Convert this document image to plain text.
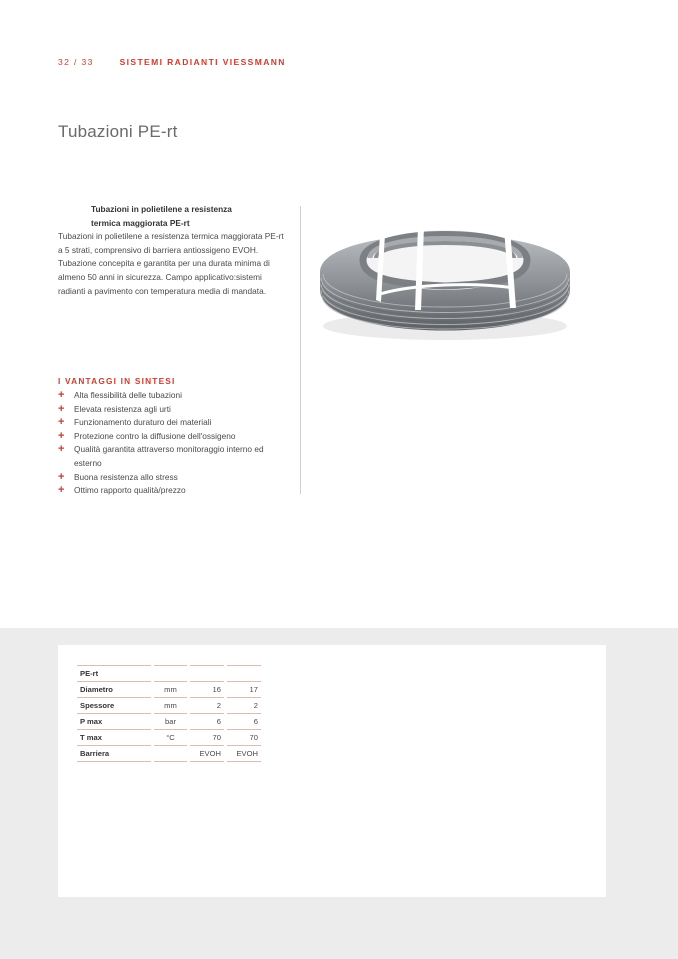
32 / 33	SISTEMI RADIANTI VIESSMANN
Tubazioni PE-rt
Tubazioni in polietilene a resistenza
termica maggiorata PE-rt
Tubazioni in polietilene a resistenza termica maggiorata PE-rt a 5 strati, comprensivo di barriera antiossigeno EVOH. Tubazione concepita e garantita per una durata minima di almeno 50 anni in sicurezza. Campo applicativo:sistemi radianti a pavimento con temperatura media di mandata.
I VANTAGGI IN SINTESI
+ Alta flessibilità delle tubazioni
+ Elevata resistenza agli urti
+ Funzionamento duraturo dei materiali
+ Protezione contro la diffusione dell'ossigeno
+ Qualità garantita attraverso monitoraggio interno ed esterno
+ Buona resistenza allo stress
+ Ottimo rapporto qualità/prezzo
PE-rt			
Diametro	mm	16	17
Spessore	mm	2	2
P max	bar	6	6
T max	°C	70	70
Barriera		EVOH	EVOH
